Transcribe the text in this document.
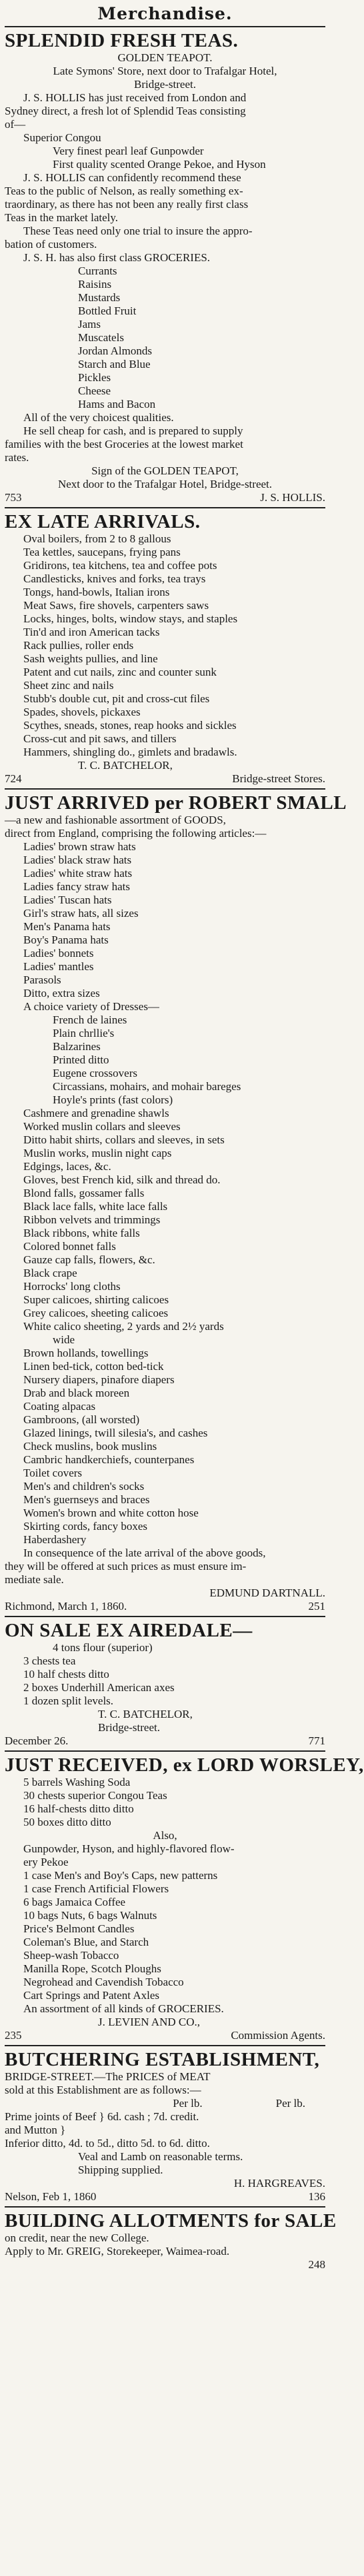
Merchandise.
SPLENDID FRESH TEAS.
GOLDEN TEAPOT.
Late Symons' Store, next door to Trafalgar Hotel,
Bridge-street.
J. S. HOLLIS has just received from London and
Sydney direct, a fresh lot of Splendid Teas consisting
of—
Superior Congou
Very finest pearl leaf Gunpowder
First quality scented Orange Pekoe, and Hyson
J. S. HOLLIS can confidently recommend these
Teas to the public of Nelson, as really something ex-
traordinary, as there has not been any really first class
Teas in the market lately.
These Teas need only one trial to insure the appro-
bation of customers.
J. S. H. has also first class GROCERIES.
Currants
Raisins
Mustards
Bottled Fruit
Jams
Muscatels
Jordan Almonds
Starch and Blue
Pickles
Cheese
Hams and Bacon
All of the very choicest qualities.
He sell cheap for cash, and is prepared to supply
families with the best Groceries at the lowest market
rates.
Sign of the GOLDEN TEAPOT,
Next door to the Trafalgar Hotel, Bridge-street.
753	J. S. HOLLIS.
EX LATE ARRIVALS.
Oval boilers, from 2 to 8 gallous
Tea kettles, saucepans, frying pans
Gridirons, tea kitchens, tea and coffee pots
Candlesticks, knives and forks, tea trays
Tongs, hand-bowls, Italian irons
Meat Saws, fire shovels, carpenters saws
Locks, hinges, bolts, window stays, and staples
Tin'd and iron American tacks
Rack pullies, roller ends
Sash weights pullies, and line
Patent and cut nails, zinc and counter sunk
Sheet zinc and nails
Stubb's double cut, pit and cross-cut files
Spades, shovels, pickaxes
Scythes, sneads, stones, reap hooks and sickles
Cross-cut and pit saws, and tillers
Hammers, shingling do., gimlets and bradawls.
T. C. BATCHELOR,
724	Bridge-street Stores.
JUST ARRIVED per ROBERT SMALL
—a new and fashionable assortment of GOODS,
direct from England, comprising the following articles:—
Ladies' brown straw hats
Ladies' black straw hats
Ladies' white straw hats
Ladies fancy straw hats
Ladies' Tuscan hats
Girl's straw hats, all sizes
Men's Panama hats
Boy's Panama hats
Ladies' bonnets
Ladies' mantles
Parasols
Ditto, extra sizes
A choice variety of Dresses—
French de laines
Plain chrllie's
Balzarines
Printed ditto
Eugene crossovers
Circassians, mohairs, and mohair bareges
Hoyle's prints (fast colors)
Cashmere and grenadine shawls
Worked muslin collars and sleeves
Ditto habit shirts, collars and sleeves, in sets
Muslin works, muslin night caps
Edgings, laces, &c.
Gloves, best French kid, silk and thread do.
Blond falls, gossamer falls
Black lace falls, white lace falls
Ribbon velvets and trimmings
Black ribbons, white falls
Colored bonnet falls
Gauze cap falls, flowers, &c.
Black crape
Horrocks' long cloths
Super calicoes, shirting calicoes
Grey calicoes, sheeting calicoes
White calico sheeting, 2 yards and 2½ yards
wide
Brown hollands, towellings
Linen bed-tick, cotton bed-tick
Nursery diapers, pinafore diapers
Drab and black moreen
Coating alpacas
Gambroons, (all worsted)
Glazed linings, twill silesia's, and cashes
Check muslins, book muslins
Cambric handkerchiefs, counterpanes
Toilet covers
Men's and children's socks
Men's guernseys and braces
Women's brown and white cotton hose
Skirting cords, fancy boxes
Haberdashery
In consequence of the late arrival of the above goods,
they will be offered at such prices as must ensure im-
mediate sale.
EDMUND DARTNALL.
Richmond, March 1, 1860.	251
ON SALE EX AIREDALE—
4 tons flour (superior)
3 chests tea
10 half chests ditto
2 boxes Underhill American axes
1 dozen split levels.
T. C. BATCHELOR,
Bridge-street.
December 26.	771
JUST RECEIVED, ex LORD WORSLEY,
5 barrels Washing Soda
30 chests superior Congou Teas
16 half-chests ditto ditto
50 boxes ditto ditto
Also,
Gunpowder, Hyson, and highly-flavored flow-
ery Pekoe
1 case Men's and Boy's Caps, new patterns
1 case French Artificial Flowers
6 bags Jamaica Coffee
10 bags Nuts, 6 bags Walnuts
Price's Belmont Candles
Coleman's Blue, and Starch
Sheep-wash Tobacco
Manilla Rope, Scotch Ploughs
Negrohead and Cavendish Tobacco
Cart Springs and Patent Axles
An assortment of all kinds of GROCERIES.
J. LEVIEN AND CO.,
235	Commission Agents.
BUTCHERING ESTABLISHMENT,
BRIDGE-STREET.—The PRICES of MEAT
sold at this Establishment are as follows:—
Per lb.	Per lb.
Prime joints of Beef } 6d. cash ; 7d. credit.
and Mutton }
Inferior ditto, 4d. to 5d., ditto 5d. to 6d. ditto.
Veal and Lamb on reasonable terms.
Shipping supplied.
H. HARGREAVES.
Nelson, Feb 1, 1860	136
BUILDING ALLOTMENTS for SALE
on credit, near the new College.
Apply to Mr. GREIG, Storekeeper, Waimea-road.
248
